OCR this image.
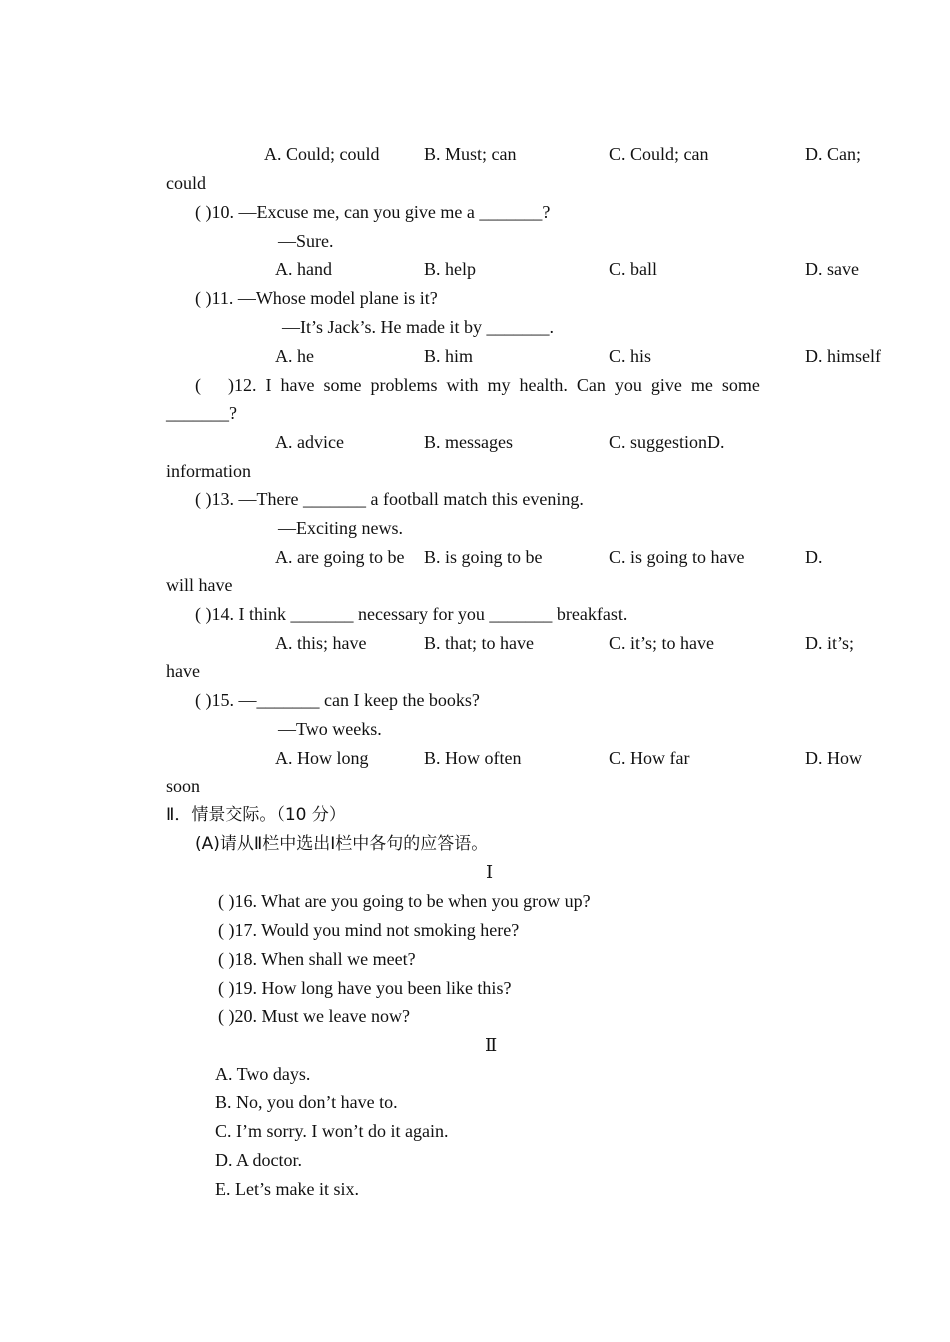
A. Could; could B. Must; can	C. Could; can	D. Can;
could
( )10. —Excuse me, can you give me a _______?
—Sure.
A. hand	B. help	C. ball	D. save
( )11. —Whose model plane is it?
—It’s Jack’s. He made it by _______.
A. he	B. him	C. his	D. himself
(      )12.  I  have  some  problems  with  my  health.  Can  you  give  me  some
_______?
A. advice	B. messages	C. suggestionD.
information
( )13. —There _______ a football match this evening.
—Exciting news.
A. are going to be B. is going to be	C. is going to have	D.
will have
( )14. I think _______ necessary for you _______ breakfast.
A. this; have	B. that; to have	C. it’s; to have	D. it’s;
have
( )15. —_______ can I keep the books?
—Two weeks.
A. How long	B. How often	C. How far	D. How
soon
Ⅱ．情景交际。（10 分）
(A)请从Ⅱ栏中选出Ⅰ栏中各句的应答语。
Ⅰ
( )16. What are you going to be when you grow up?
( )17. Would you mind not smoking here?
( )18. When shall we meet?
( )19. How long have you been like this?
( )20. Must we leave now?
Ⅱ
A. Two days.
B. No, you don’t have to.
C. I’m sorry. I won’t do it again.
D. A doctor.
E. Let’s make it six.
